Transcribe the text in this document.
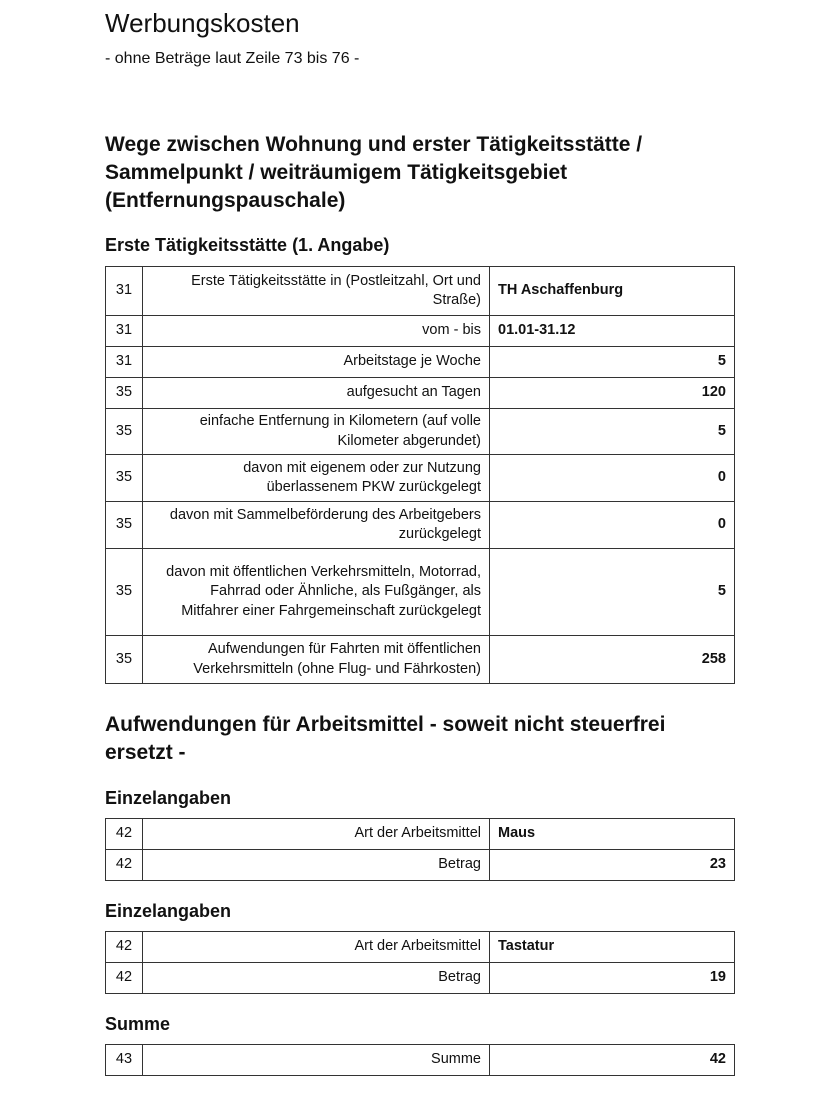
Werbungskosten

- ohne Beträge laut Zeile 73 bis 76 -

Wege zwischen Wohnung und erster Tätigkeitsstätte / Sammelpunkt / weiträumigem Tätigkeitsgebiet (Entfernungspauschale)
Erste Tätigkeitsstätte (1. Angabe)
31	Erste Tätigkeitsstätte in (Postleitzahl, Ort und Straße)	TH Aschaffenburg
31	vom - bis	01.01-31.12
31	Arbeitstage je Woche	5
35	aufgesucht an Tagen	120
35	einfache Entfernung in Kilometern (auf volle Kilometer abgerundet)	5
35	davon mit eigenem oder zur Nutzung überlassenem PKW zurückgelegt	0
35	davon mit Sammelbeförderung des Arbeitgebers zurückgelegt	0
35	davon mit öffentlichen Verkehrsmitteln, Motorrad, Fahrrad oder Ähnliche, als Fußgänger, als Mitfahrer einer Fahrgemeinschaft zurückgelegt	5
35	Aufwendungen für Fahrten mit öffentlichen Verkehrsmitteln (ohne Flug- und Fährkosten)	258
Aufwendungen für Arbeitsmittel - soweit nicht steuerfrei ersetzt -
Einzelangaben
42	Art der Arbeitsmittel	Maus
42	Betrag	23
Einzelangaben
42	Art der Arbeitsmittel	Tastatur
42	Betrag	19
Summe
43	Summe	42
